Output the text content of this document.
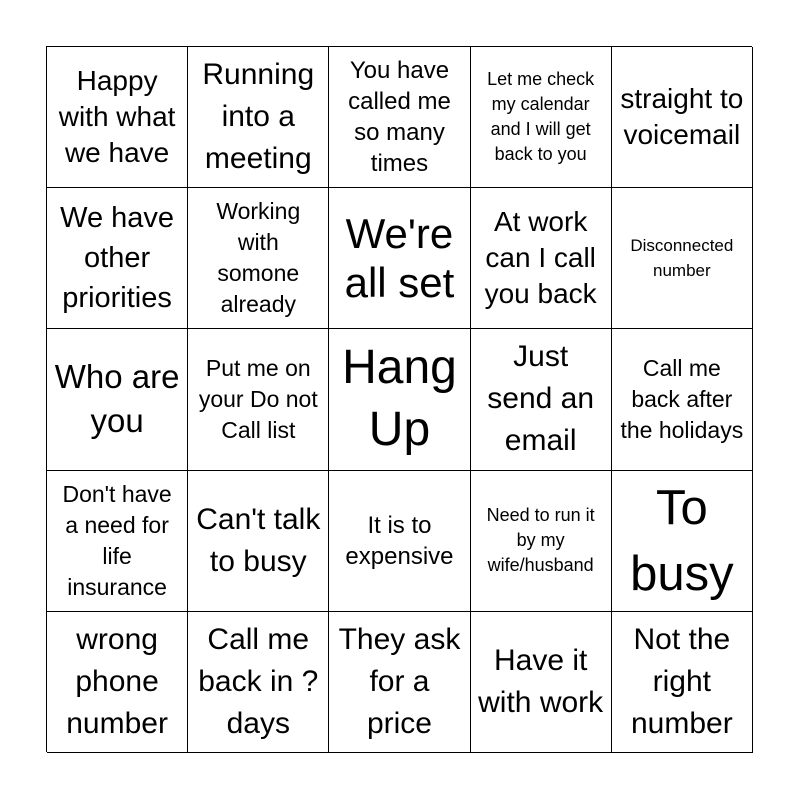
Happy with what we have
Running into a meeting
You have called me so many times
Let me check my calendar and I will get back to you
straight to voicemail
We have other priorities
Working with somone already
We're all set
At work can I call you back
Disconnected number
Who are you
Put me on your Do not Call list
Hang Up
Just send an email
Call me back after the holidays
Don't have a need for life insurance
Can't talk to busy
It is to expensive
Need to run it by my wife/husband
To busy
wrong phone number
Call me back in ? days
They ask for a price
Have it with work
Not the right number
